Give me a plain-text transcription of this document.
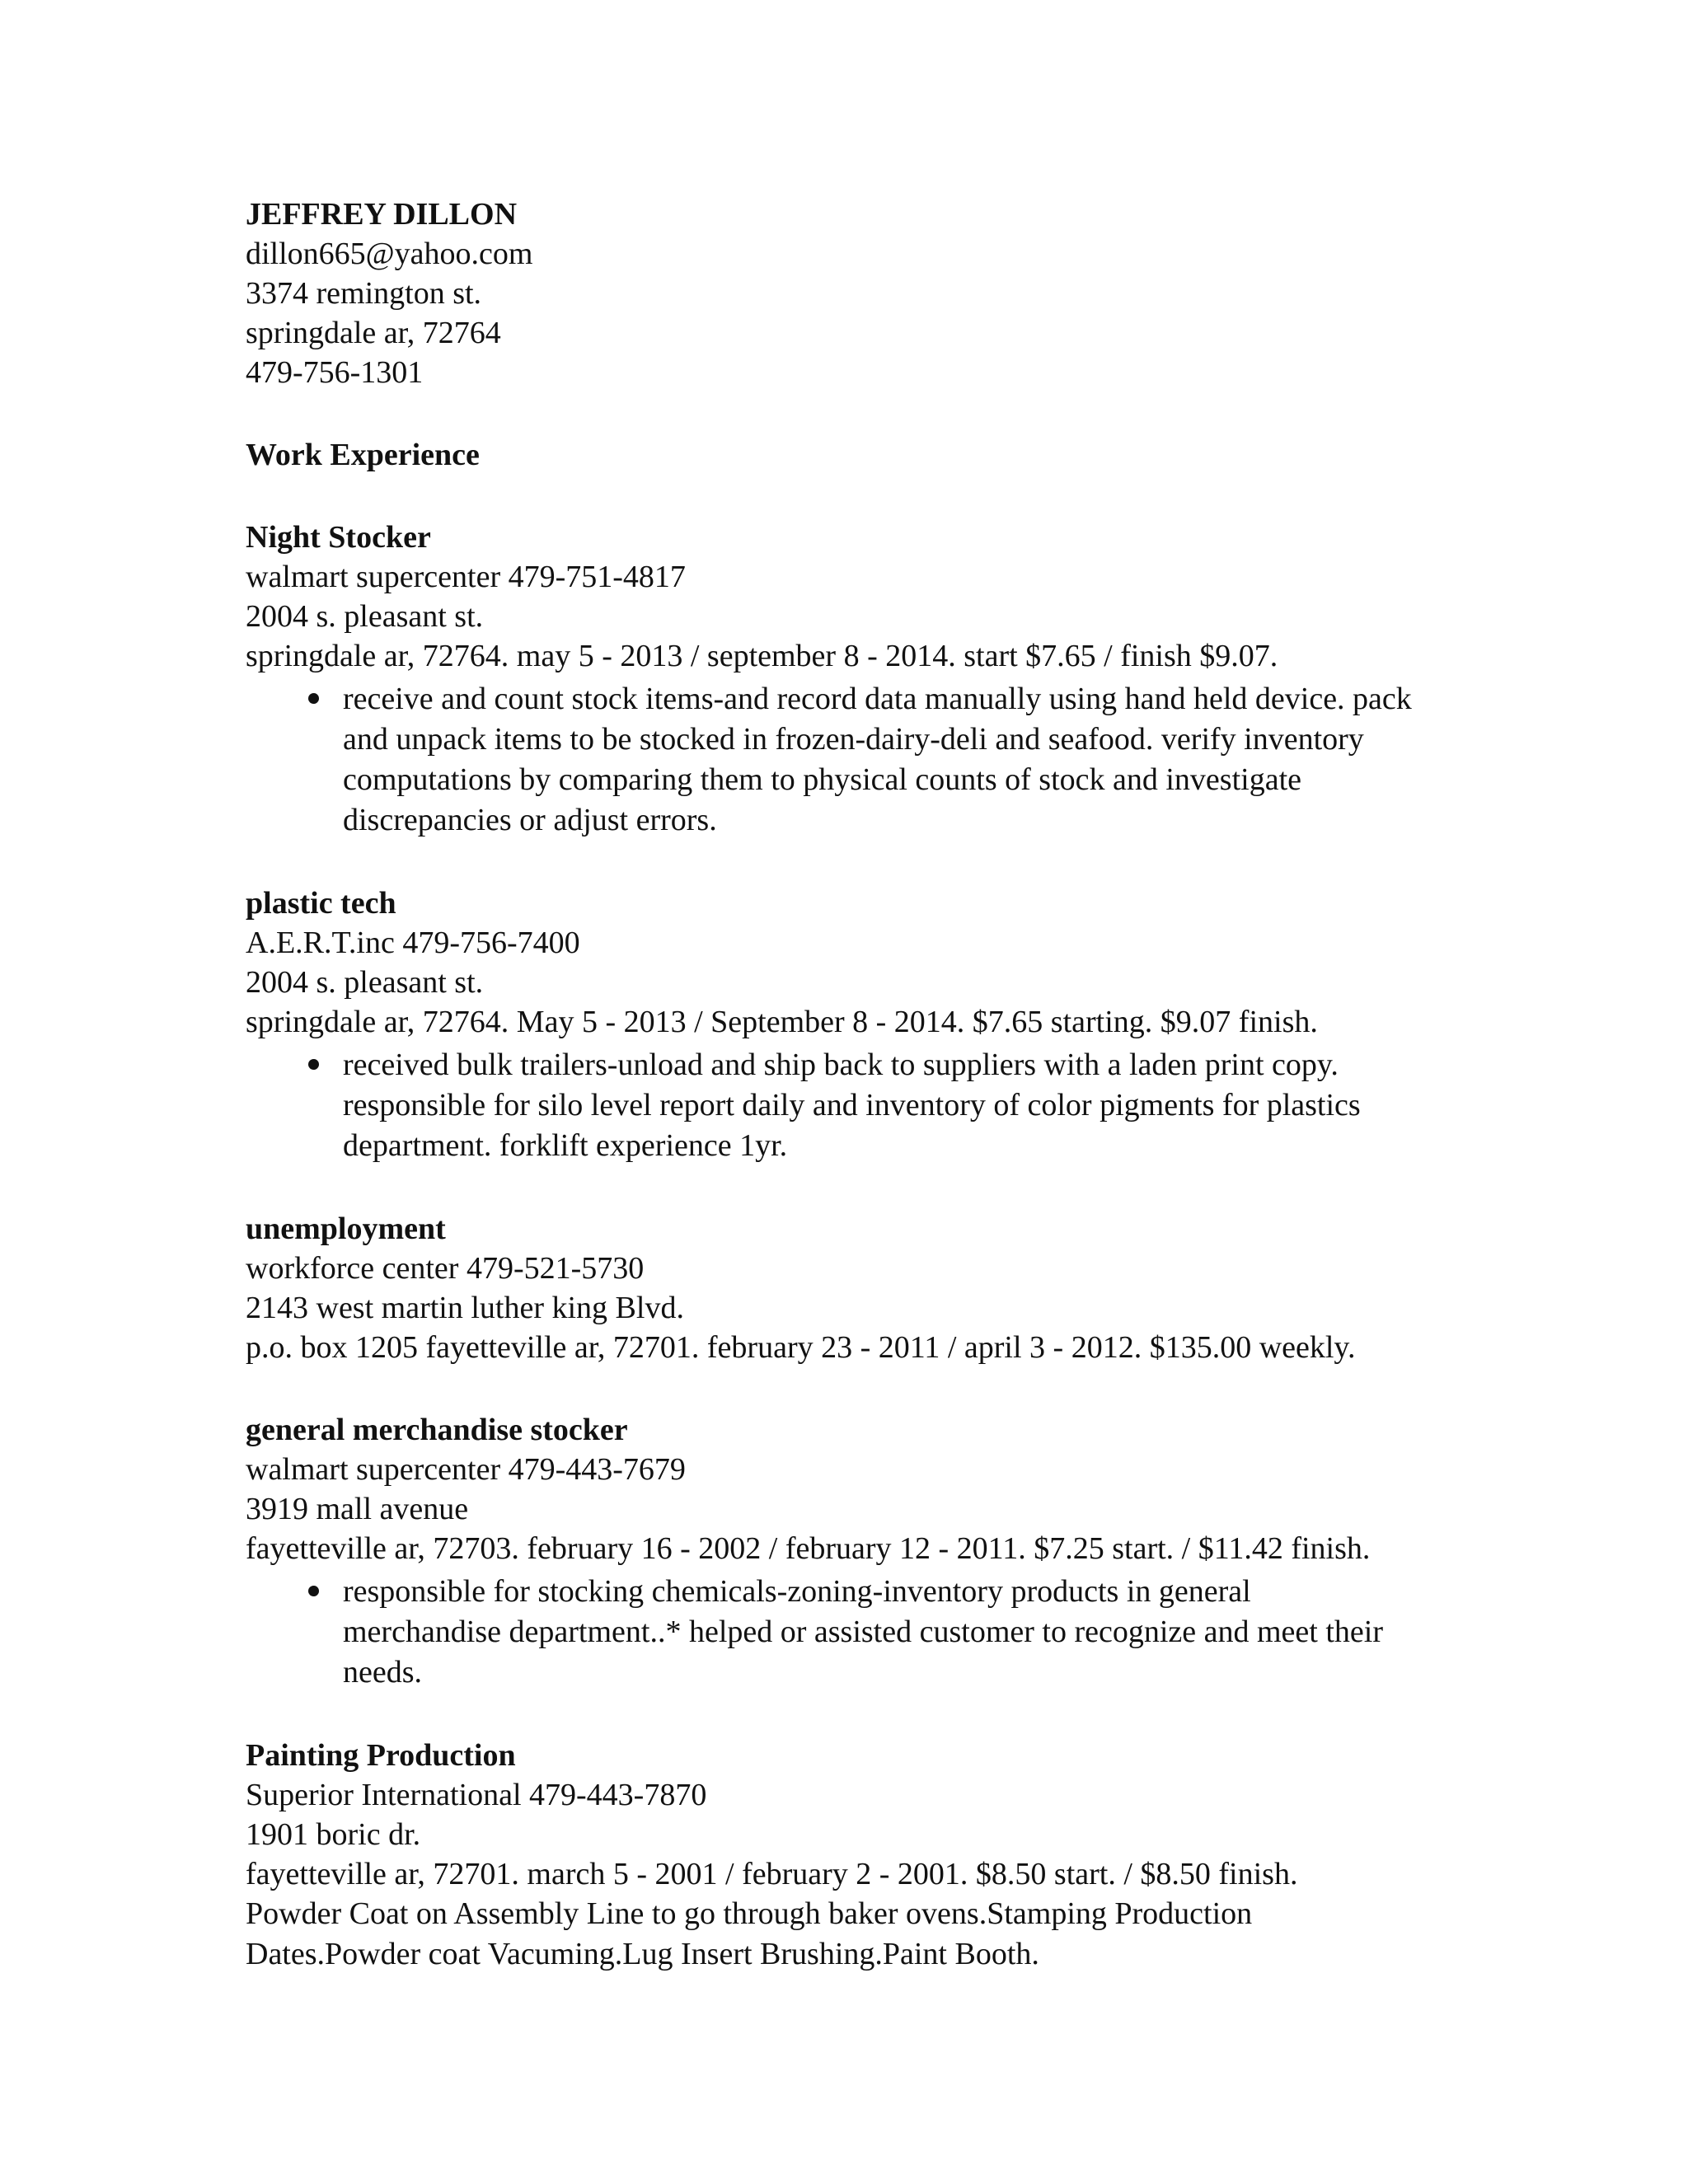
JEFFREY DILLON
dillon665@yahoo.com
3374 remington st.
springdale ar, 72764
479-756-1301
Work Experience
Night Stocker
walmart supercenter 479-751-4817
2004 s. pleasant st.
springdale ar, 72764. may 5 - 2013 / september 8 - 2014. start $7.65 / finish $9.07.
receive and count stock items-and record data manually using hand held device. pack and unpack items to be stocked in frozen-dairy-deli and seafood. verify inventory computations by comparing them to physical counts of stock and investigate discrepancies or adjust errors.
plastic tech
A.E.R.T.inc 479-756-7400
2004 s. pleasant st.
springdale ar, 72764. May 5 - 2013 / September 8 - 2014. $7.65 starting. $9.07 finish.
received bulk trailers-unload and ship back to suppliers with a laden print copy. responsible for silo level report daily and inventory of color pigments for plastics department. forklift experience 1yr.
unemployment
workforce center 479-521-5730
2143 west martin luther king Blvd.
p.o. box 1205 fayetteville ar, 72701. february 23 - 2011 / april 3 - 2012. $135.00 weekly.
general merchandise stocker
walmart supercenter 479-443-7679
3919 mall avenue
fayetteville ar, 72703. february 16 - 2002 / february 12 - 2011. $7.25 start. / $11.42 finish.
responsible for stocking chemicals-zoning-inventory products in general merchandise department..* helped or assisted customer to recognize and meet their needs.
Painting Production
Superior International 479-443-7870
1901 boric dr.
fayetteville ar, 72701. march 5 - 2001 / february 2 - 2001. $8.50 start. / $8.50 finish.
Powder Coat on Assembly Line to go through baker ovens.Stamping Production Dates.Powder coat Vacuming.Lug Insert Brushing.Paint Booth.
